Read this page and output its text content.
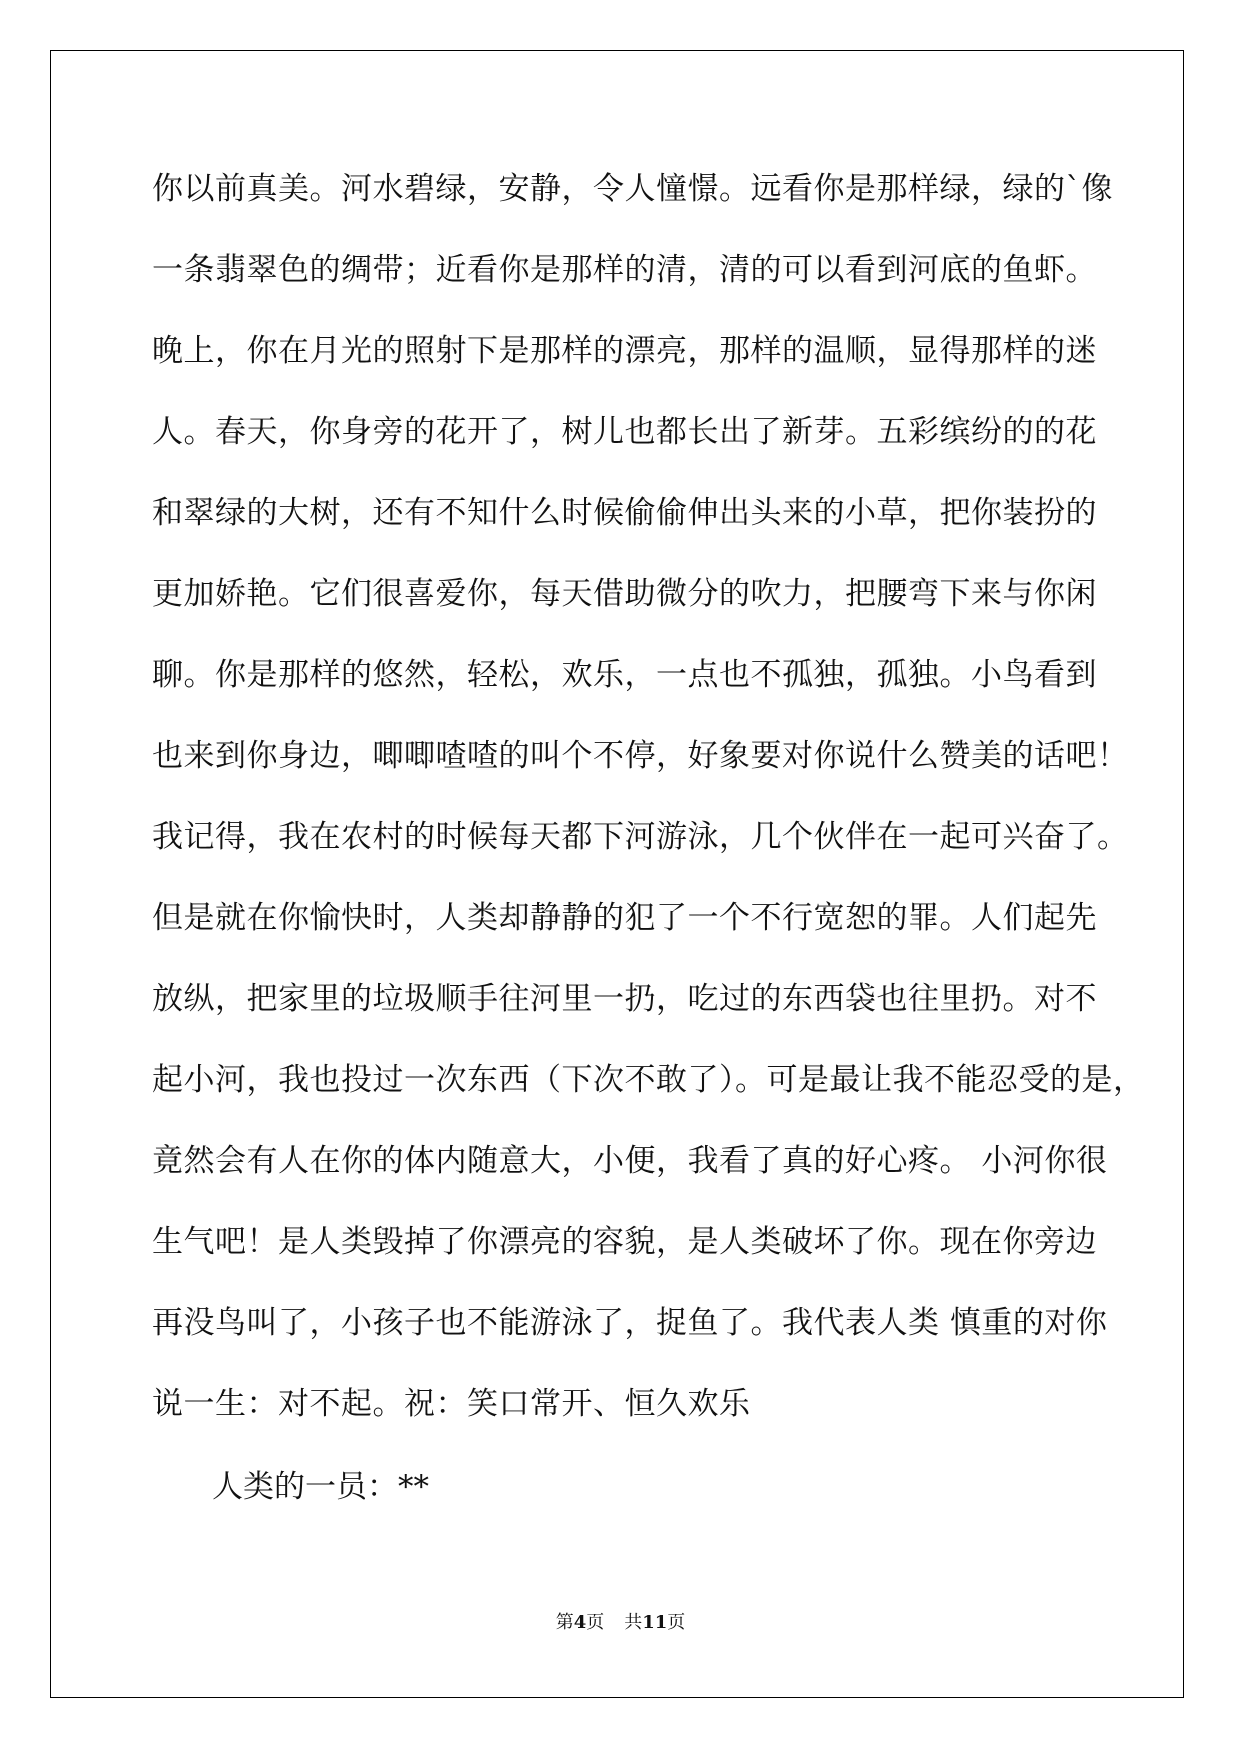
你以前真美。河水碧绿，安静，令人憧憬。远看你是那样绿，绿的`像
一条翡翠色的绸带；近看你是那样的清，清的可以看到河底的鱼虾。
晚上，你在月光的照射下是那样的漂亮，那样的温顺，显得那样的迷
人。春天，你身旁的花开了，树儿也都长出了新芽。五彩缤纷的的花
和翠绿的大树，还有不知什么时候偷偷伸出头来的小草，把你装扮的
更加娇艳。它们很喜爱你，每天借助微分的吹力，把腰弯下来与你闲
聊。你是那样的悠然，轻松，欢乐，一点也不孤独，孤独。小鸟看到
也来到你身边，唧唧喳喳的叫个不停，好象要对你说什么赞美的话吧！
我记得，我在农村的时候每天都下河游泳，几个伙伴在一起可兴奋了。
但是就在你愉快时，人类却静静的犯了一个不行宽恕的罪。人们起先
放纵，把家里的垃圾顺手往河里一扔，吃过的东西袋也往里扔。对不
起小河，我也投过一次东西（下次不敢了）。可是最让我不能忍受的是，
竟然会有人在你的体内随意大，小便，我看了真的好心疼。 小河你很
生气吧！是人类毁掉了你漂亮的容貌，是人类破坏了你。现在你旁边
再没鸟叫了，小孩子也不能游泳了，捉鱼了。我代表人类 慎重的对你
说一生：对不起。祝：笑口常开、恒久欢乐
人类的一员：**
第4页 共11页
